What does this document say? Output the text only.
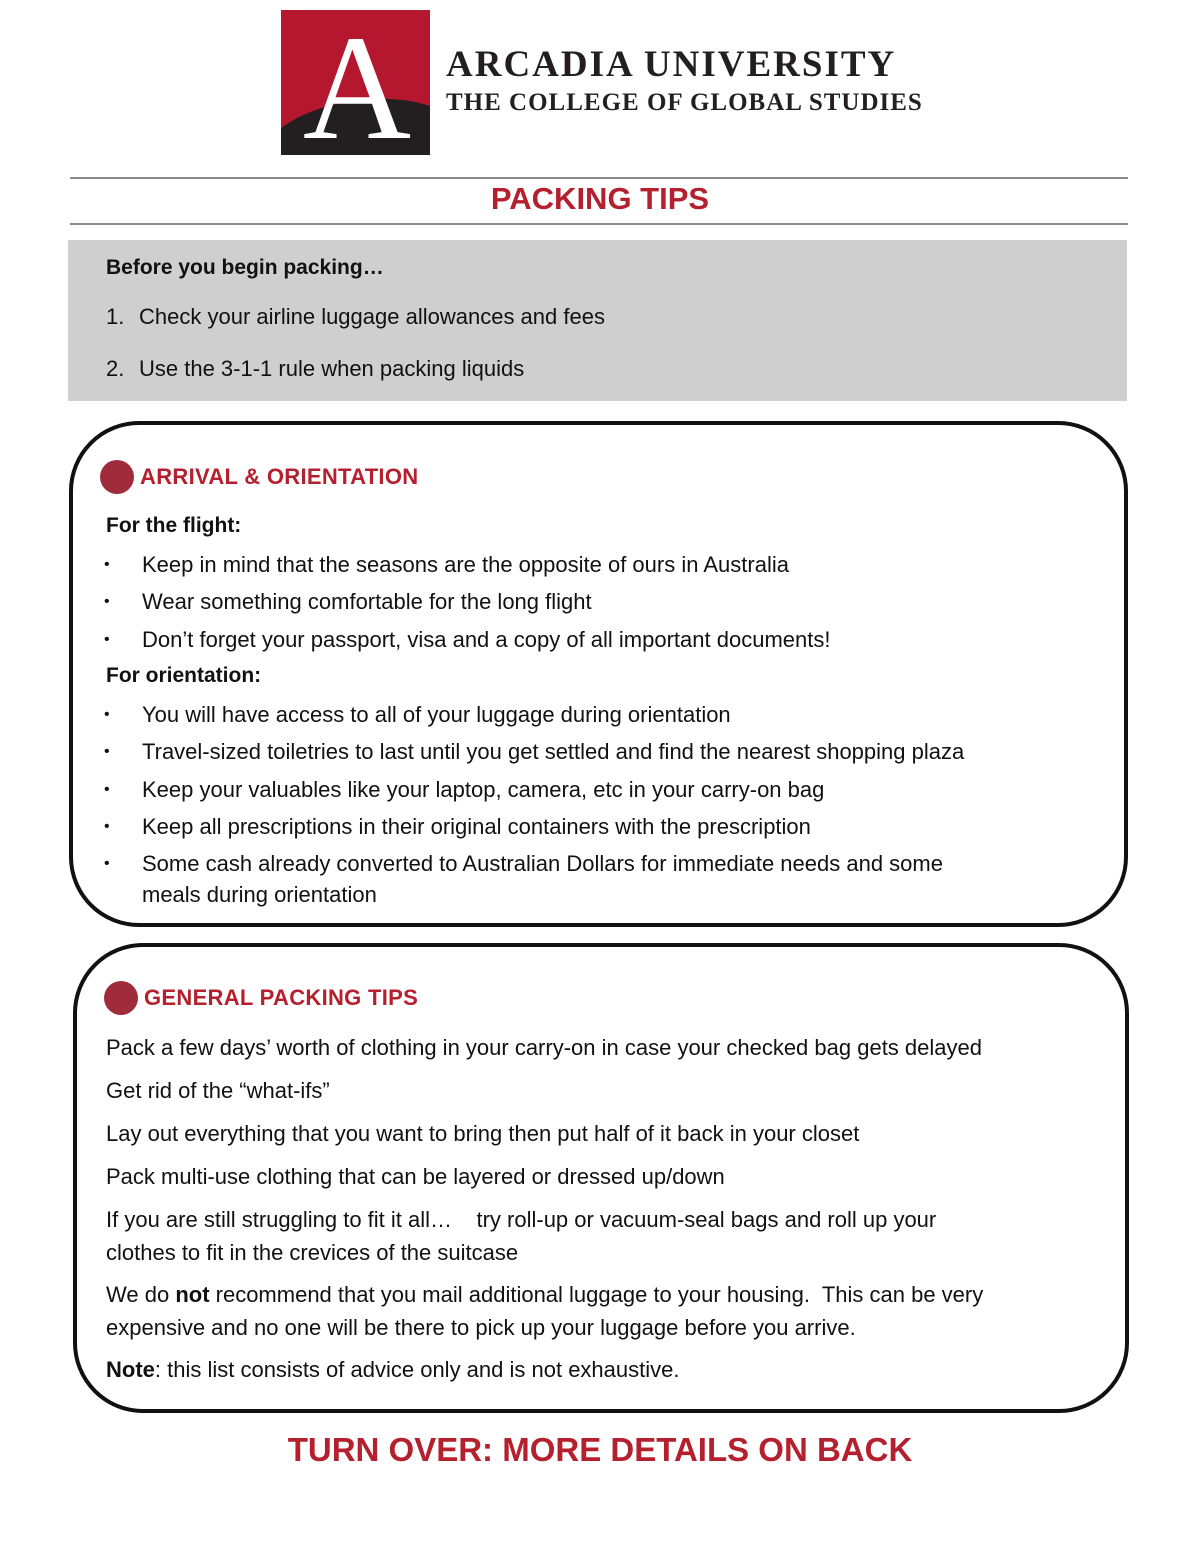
A ARCADIA UNIVERSITY
THE COLLEGE OF GLOBAL STUDIES
PACKING TIPS
Before you begin packing…
1. Check your airline luggage allowances and fees
2. Use the 3-1-1 rule when packing liquids
ARRIVAL & ORIENTATION
For the flight:
•	Keep in mind that the seasons are the opposite of ours in Australia
•	Wear something comfortable for the long flight
•	Don’t forget your passport, visa and a copy of all important documents!
For orientation:
•	You will have access to all of your luggage during orientation
•	Travel-sized toiletries to last until you get settled and find the nearest shopping plaza
•	Keep your valuables like your laptop, camera, etc in your carry-on bag
•	Keep all prescriptions in their original containers with the prescription
•	Some cash already converted to Australian Dollars for immediate needs and some
meals during orientation
GENERAL PACKING TIPS
Pack a few days’ worth of clothing in your carry-on in case your checked bag gets delayed
Get rid of the “what-ifs”
Lay out everything that you want to bring then put half of it back in your closet
Pack multi-use clothing that can be layered or dressed up/down
If you are still struggling to fit it all…    try roll-up or vacuum-seal bags and roll up your
clothes to fit in the crevices of the suitcase
We do not recommend that you mail additional luggage to your housing.  This can be very
expensive and no one will be there to pick up your luggage before you arrive.
Note: this list consists of advice only and is not exhaustive.
TURN OVER: MORE DETAILS ON BACK
